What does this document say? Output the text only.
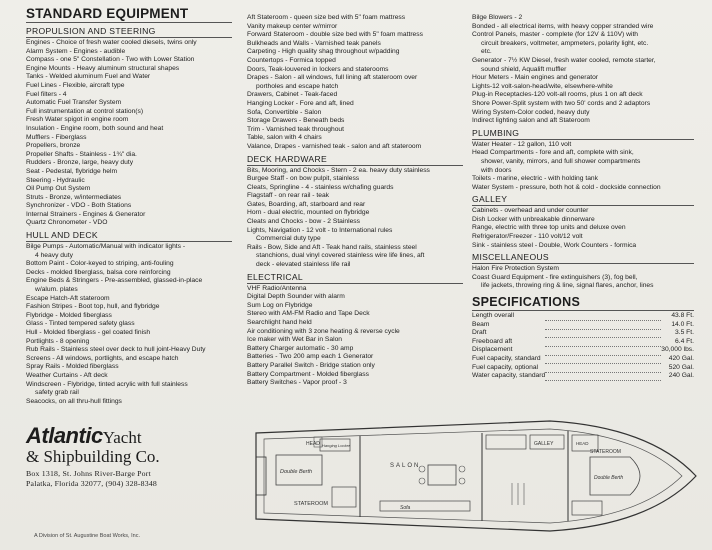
STANDARD EQUIPMENT
PROPULSION AND STEERING
Engines - Choice of fresh water cooled diesels, twins only
Alarm System - Engines - audible
Compass - one 5" Constellation - Two with Lower Station
Engine Mounts - Heavy aluminum structural shapes
Tanks - Welded aluminum Fuel and Water
Fuel Lines - Flexible, aircraft type
Fuel filters - 4
Automatic Fuel Transfer System
Full instrumentation at control station(s)
Fresh Water spigot in engine room
Insulation - Engine room, both sound and heat
Mufflers - Fiberglass
Propellers, bronze
Propeller Shafts - Stainless - 1¾" dia.
Rudders - Bronze, large, heavy duty
Seat - Pedestal, flybridge helm
Steering - Hydraulic
Oil Pump Out System
Struts - Bronze, w/intermediates
Synchronizer - VDO - Both Stations
Internal Strainers - Engines & Generator
Quartz Chronometer - VDO
HULL AND DECK
Bilge Pumps - Automatic/Manual with indicator lights -
4 heavy duty
Bottom Paint - Color-keyed to striping, anti-fouling
Decks - molded fiberglass, balsa core reinforcing
Engine Beds & Stringers - Pre-assembled, glassed-in-place
w/alum. plates
Escape Hatch-Aft stateroom
Fashion Stripes - Boot top, hull, and flybridge
Flybridge - Molded fiberglass
Glass - Tinted tempered safety glass
Hull - Molded fiberglass - gel coated finish
Portlights - 8 opening
Rub Rails - Stainless steel over deck to hull joint-Heavy Duty
Screens - All windows, portlights, and escape hatch
Spray Rails - Molded fiberglass
Weather Curtains - Aft deck
Windscreen - Flybridge, tinted acrylic with full stainless
safety grab rail
Seacocks, on all thru-hull fittings
Aft Stateroom - queen size bed with 5" foam mattress
Vanity makeup center w/mirror
Forward Stateroom - double size bed with 5" foam mattress
Bulkheads and Walls - Varnished teak panels
Carpeting - High quality shag throughout w/padding
Countertops - Formica topped
Doors, Teak-louvered in lockers and staterooms
Drapes - Salon - all windows, full lining aft stateroom over
portholes and escape hatch
Drawers, Cabinet - Teak-faced
Hanging Locker - Fore and aft, lined
Sofa, Convertible - Salon
Storage Drawers - Beneath beds
Trim - Varnished teak throughout
Table, salon with 4 chairs
Valance, Drapes - varnished teak - salon and aft stateroom
DECK HARDWARE
Bits, Mooring, and Chocks - Stern - 2 ea. heavy duty stainless
Burgee Staff - on bow pulpit, stainless
Cleats, Springline - 4 - stainless w/chafing guards
Flagstaff - on rear rail - teak
Gates, Boarding, aft, starboard and rear
Horn - dual electric, mounted on flybridge
Cleats and Chocks - bow - 2 Stainless
Lights, Navigation - 12 volt - to International rules
Commercial duty type
Rails - Bow, Side and Aft - Teak hand rails, stainless steel
stanchions, dual vinyl covered stainless wire life lines, aft
deck - elevated stainless life rail
ELECTRICAL
VHF Radio/Antenna
Digital Depth Sounder with alarm
Sum Log on Flybridge
Stereo with AM-FM Radio and Tape Deck
Searchlight hand held
Air conditioning with 3 zone heating & reverse cycle
Ice maker with Wet Bar in Salon
Battery Charger automatic - 30 amp
Batteries - Two 200 amp each 1 Generator
Battery Parallel Switch - Bridge station only
Battery Compartment - Molded fiberglass
Battery Switches - Vapor proof - 3
Bilge Blowers - 2
Bonded - all electrical items, with heavy copper stranded wire
Control Panels, master - complete (for 12V & 110V) with
circuit breakers, voltmeter, ampmeters, polarity light, etc.
etc.
Generator - 7½ KW Diesel, fresh water cooled, remote starter,
sound shield, Aqualift muffler
Hour Meters - Main engines and generator
Lights-12 volt-salon-head/wite, elsewhere-white
Plug-in Receptacles-120 volt-all rooms, plus 1 on aft deck
Shore Power-Split system with two 50' cords and 2 adaptors
Wiring System-Color coded, heavy duty
Indirect lighting salon and aft Stateroom
PLUMBING
Water Heater - 12 gallon, 110 volt
Head Compartments - fore and aft, complete with sink,
shower, vanity, mirrors, and full shower compartments
with doors
Toilets - marine, electric - with holding tank
Water System - pressure, both hot & cold - dockside connection
GALLEY
Cabinets - overhead and under counter
Dish Locker with unbreakable dinnerware
Range, electric with three top units and deluxe oven
Refrigerator/Freezer - 110 volt/12 volt
Sink - stainless steel - Double, Work Counters - formica
MISCELLANEOUS
Halon Fire Protection System
Coast Guard Equipment - fire extinguishers (3), fog bell,
life jackets, throwing ring & line, signal flares, anchor, lines
SPECIFICATIONS
Length overall		43.8 Ft.
Beam		14.0 Ft.
Draft		3.5 Ft.
Freeboard aft		6.4 Ft.
Displacement		30,000 lbs.
Fuel capacity, standard		420 Gal.
Fuel capacity, optional		520 Gal.
Water capacity, standard		240 Gal.
AtlanticYacht
& Shipbuilding Co.
Box 1318, St. Johns River-Barge Port
Palatka, Florida 32077, (904) 328-8348
A Division of St. Augustine Boat Works, Inc.
HEAD
Double Berth
STATEROOM
SALON
Sofa
GALLEY
STATEROOM
Double Berth
HEAD
Hanging Locker
